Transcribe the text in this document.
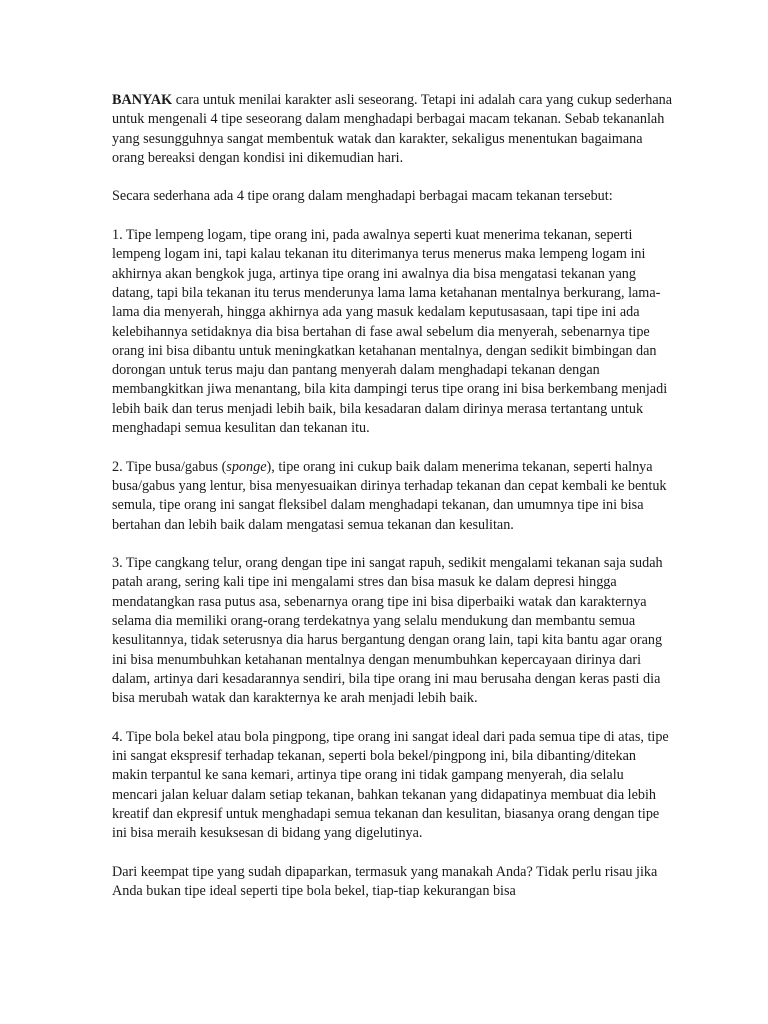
BANYAK cara untuk menilai karakter asli seseorang. Tetapi ini adalah cara yang cukup sederhana untuk mengenali 4 tipe seseorang dalam menghadapi berbagai macam tekanan. Sebab tekananlah yang sesungguhnya sangat membentuk watak dan karakter, sekaligus menentukan bagaimana orang bereaksi dengan kondisi ini dikemudian hari.

Secara sederhana ada 4 tipe orang dalam menghadapi berbagai macam tekanan tersebut:

1. Tipe lempeng logam, tipe orang ini, pada awalnya seperti kuat menerima tekanan, seperti lempeng logam ini, tapi kalau tekanan itu diterimanya terus menerus maka lempeng logam ini akhirnya akan bengkok juga, artinya tipe orang ini awalnya dia bisa mengatasi tekanan yang datang, tapi bila tekanan itu terus menderunya lama lama ketahanan mentalnya berkurang, lama-lama dia menyerah, hingga akhirnya ada yang masuk kedalam keputusasaan, tapi tipe ini ada kelebihannya setidaknya dia bisa bertahan di fase awal sebelum dia menyerah, sebenarnya tipe orang ini bisa dibantu untuk meningkatkan ketahanan mentalnya, dengan sedikit bimbingan dan dorongan untuk terus maju dan pantang menyerah dalam menghadapi tekanan dengan membangkitkan jiwa menantang, bila kita dampingi terus tipe orang ini bisa berkembang menjadi lebih baik dan terus menjadi lebih baik, bila kesadaran dalam dirinya merasa tertantang untuk menghadapi semua kesulitan dan tekanan itu.

2. Tipe busa/gabus (sponge), tipe orang ini cukup baik dalam menerima tekanan, seperti halnya busa/gabus yang lentur, bisa menyesuaikan dirinya terhadap tekanan dan cepat kembali ke bentuk semula, tipe orang ini sangat fleksibel dalam menghadapi tekanan, dan umumnya tipe ini bisa bertahan dan lebih baik dalam mengatasi semua tekanan dan kesulitan.

3. Tipe cangkang telur, orang dengan tipe ini sangat rapuh, sedikit mengalami tekanan saja sudah patah arang, sering kali tipe ini mengalami stres dan bisa masuk ke dalam depresi hingga mendatangkan rasa putus asa, sebenarnya orang tipe ini bisa diperbaiki watak dan karakternya selama dia memiliki orang-orang terdekatnya yang selalu mendukung dan membantu semua kesulitannya, tidak seterusnya dia harus bergantung dengan orang lain, tapi kita bantu agar orang ini bisa menumbuhkan ketahanan mentalnya dengan menumbuhkan kepercayaan dirinya dari dalam, artinya dari kesadarannya sendiri, bila tipe orang ini mau berusaha dengan keras pasti dia bisa merubah watak dan karakternya ke arah menjadi lebih baik.

4. Tipe bola bekel atau bola pingpong, tipe orang ini sangat ideal dari pada semua tipe di atas, tipe ini sangat ekspresif terhadap tekanan, seperti bola bekel/pingpong ini, bila dibanting/ditekan makin terpantul ke sana kemari, artinya tipe orang ini tidak gampang menyerah, dia selalu mencari jalan keluar dalam setiap tekanan, bahkan tekanan yang didapatinya membuat dia lebih kreatif dan ekpresif untuk menghadapi semua tekanan dan kesulitan, biasanya orang dengan tipe ini bisa meraih kesuksesan di bidang yang digelutinya.

Dari keempat tipe yang sudah dipaparkan, termasuk yang manakah Anda? Tidak perlu risau jika Anda bukan tipe ideal seperti tipe bola bekel, tiap-tiap kekurangan bisa
